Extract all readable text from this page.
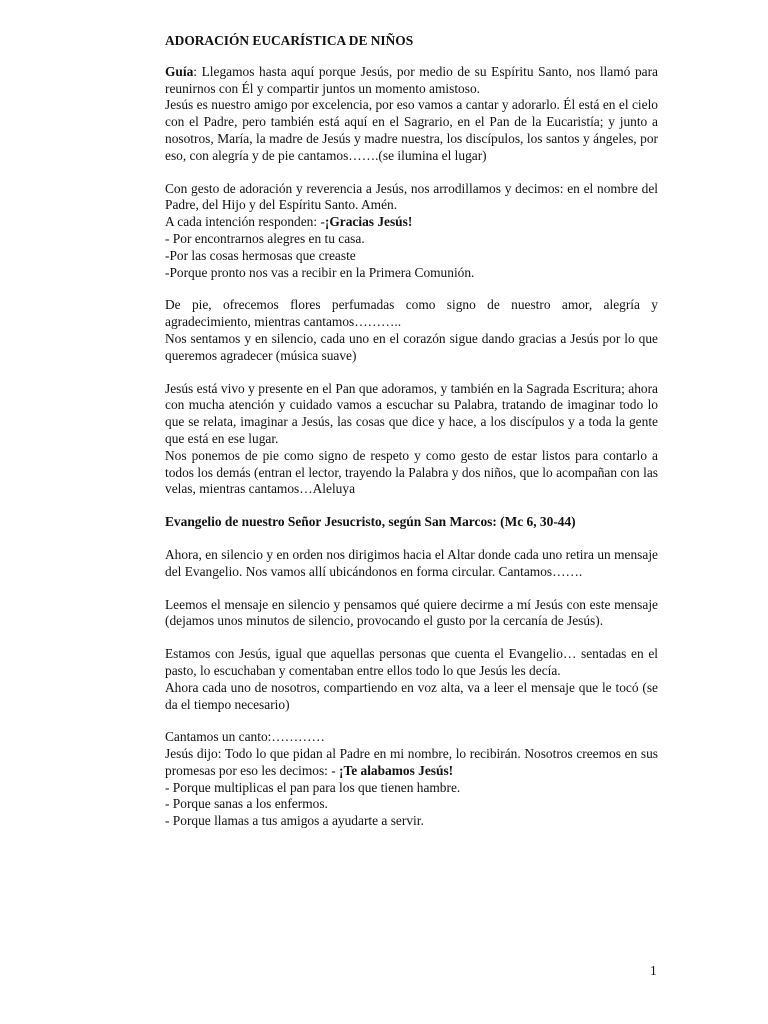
ADORACIÓN EUCARÍSTICA DE NIÑOS

Guía: Llegamos hasta aquí porque Jesús, por medio de su Espíritu Santo, nos llamó para reunirnos con Él y compartir juntos un momento amistoso.

Jesús es nuestro amigo por excelencia, por eso vamos a cantar y adorarlo. Él está en el cielo con el Padre, pero también está aquí en el Sagrario, en el Pan de la Eucaristía; y junto a nosotros, María, la madre de Jesús y madre nuestra, los discípulos, los santos y ángeles, por eso, con alegría y de pie cantamos…….(se ilumina el lugar)

Con gesto de adoración y reverencia a Jesús, nos arrodillamos y decimos: en el nombre del Padre, del Hijo y del Espíritu Santo. Amén.

A cada intención responden: -¡Gracias Jesús!

- Por encontrarnos alegres en tu casa.
-Por las cosas hermosas que creaste
-Porque pronto nos vas a recibir en la Primera Comunión.

De pie, ofrecemos flores perfumadas como signo de nuestro amor, alegría y agradecimiento, mientras cantamos………..

Nos sentamos y en silencio, cada uno en el corazón sigue dando gracias a Jesús por lo que queremos agradecer (música suave)

Jesús está vivo y presente en el Pan que adoramos, y también en la Sagrada Escritura; ahora con mucha atención y cuidado vamos a escuchar su Palabra, tratando de imaginar todo lo que se relata, imaginar a Jesús, las cosas que dice y hace, a los discípulos y a toda la gente que está en ese lugar.

Nos ponemos de pie como signo de respeto y como gesto de estar listos para contarlo a todos los demás (entran el lector, trayendo la Palabra y dos niños, que lo acompañan con las velas, mientras cantamos…Aleluya

Evangelio de nuestro Señor Jesucristo, según San Marcos: (Mc 6, 30-44)

Ahora, en silencio y en orden nos dirigimos hacia el Altar donde cada uno retira un mensaje del Evangelio. Nos vamos allí ubicándonos en forma circular. Cantamos…….

Leemos el mensaje en silencio y pensamos qué quiere decirme a mí Jesús con este mensaje (dejamos unos minutos de silencio, provocando el gusto por la cercanía de Jesús).

Estamos con Jesús, igual que aquellas personas que cuenta el Evangelio… sentadas en el pasto, lo escuchaban y comentaban entre ellos todo lo que Jesús les decía.

Ahora cada uno de nosotros, compartiendo en voz alta, va a leer el mensaje que le tocó (se da el tiempo necesario)

Cantamos un canto:…………

Jesús dijo: Todo lo que pidan al Padre en mi nombre, lo recibirán. Nosotros creemos en sus promesas por eso les decimos: - ¡Te alabamos Jesús!

- Porque multiplicas el pan para los que tienen hambre.
- Porque sanas a los enfermos.
- Porque llamas a tus amigos a ayudarte a servir.
1
